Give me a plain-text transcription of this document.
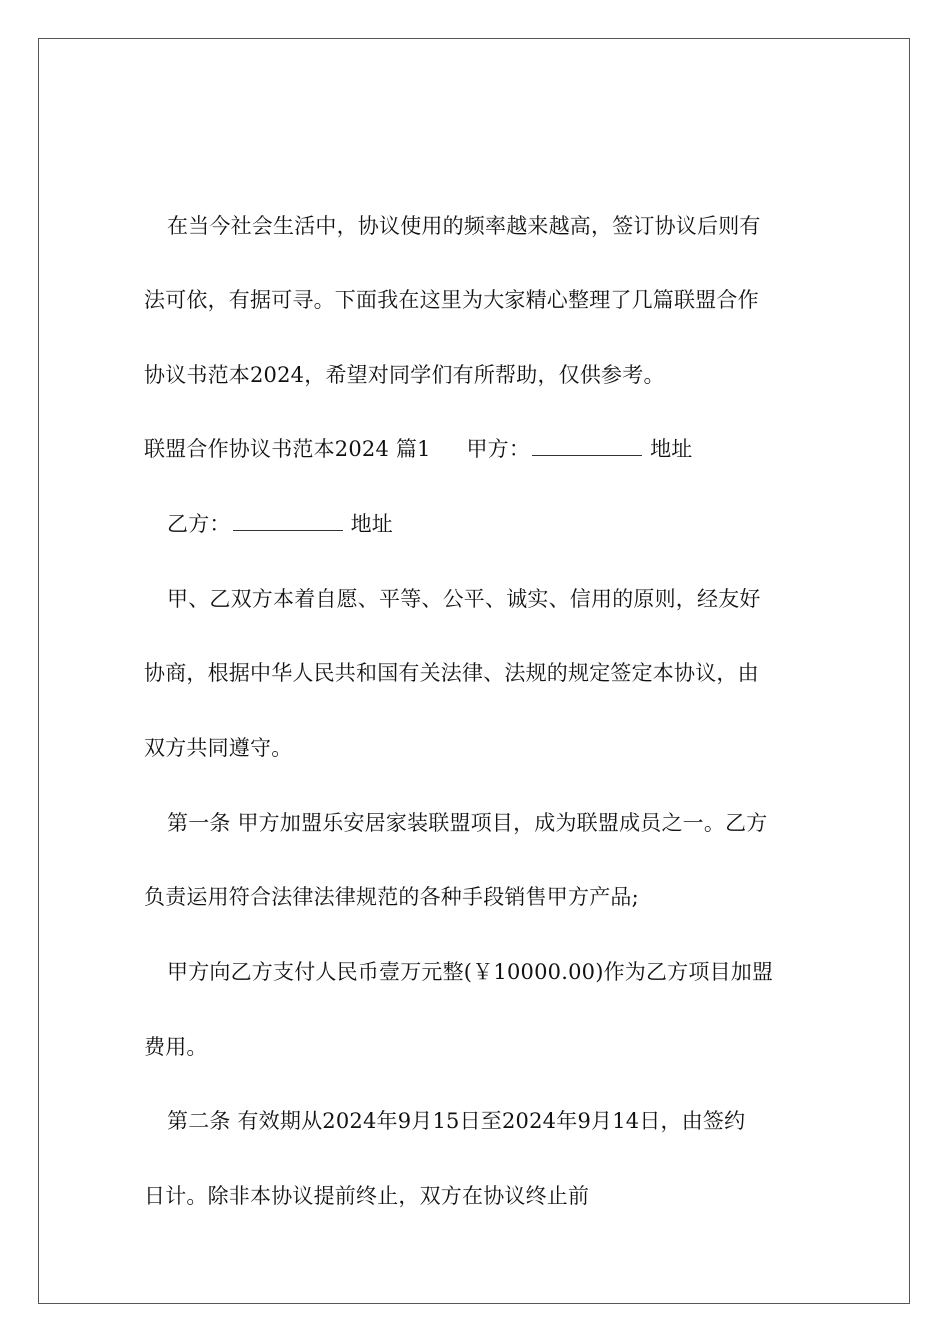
在当今社会生活中，协议使用的频率越来越高，签订协议后则有
法可依，有据可寻。下面我在这里为大家精心整理了几篇联盟合作
协议书范本2024，希望对同学们有所帮助，仅供参考。
联盟合作协议书范本2024 篇1 甲方：	地址
乙方：	地址
甲、乙双方本着自愿、平等、公平、诚实、信用的原则，经友好
协商，根据中华人民共和国有关法律、法规的规定签定本协议，由
双方共同遵守。
第一条 甲方加盟乐安居家装联盟项目，成为联盟成员之一。乙方
负责运用符合法律法律规范的各种手段销售甲方产品;
甲方向乙方支付人民币壹万元整(￥10000.00)作为乙方项目加盟
费用。
第二条 有效期从2024年9月15日至2024年9月14日，由签约
日计。除非本协议提前终止，双方在协议终止前
